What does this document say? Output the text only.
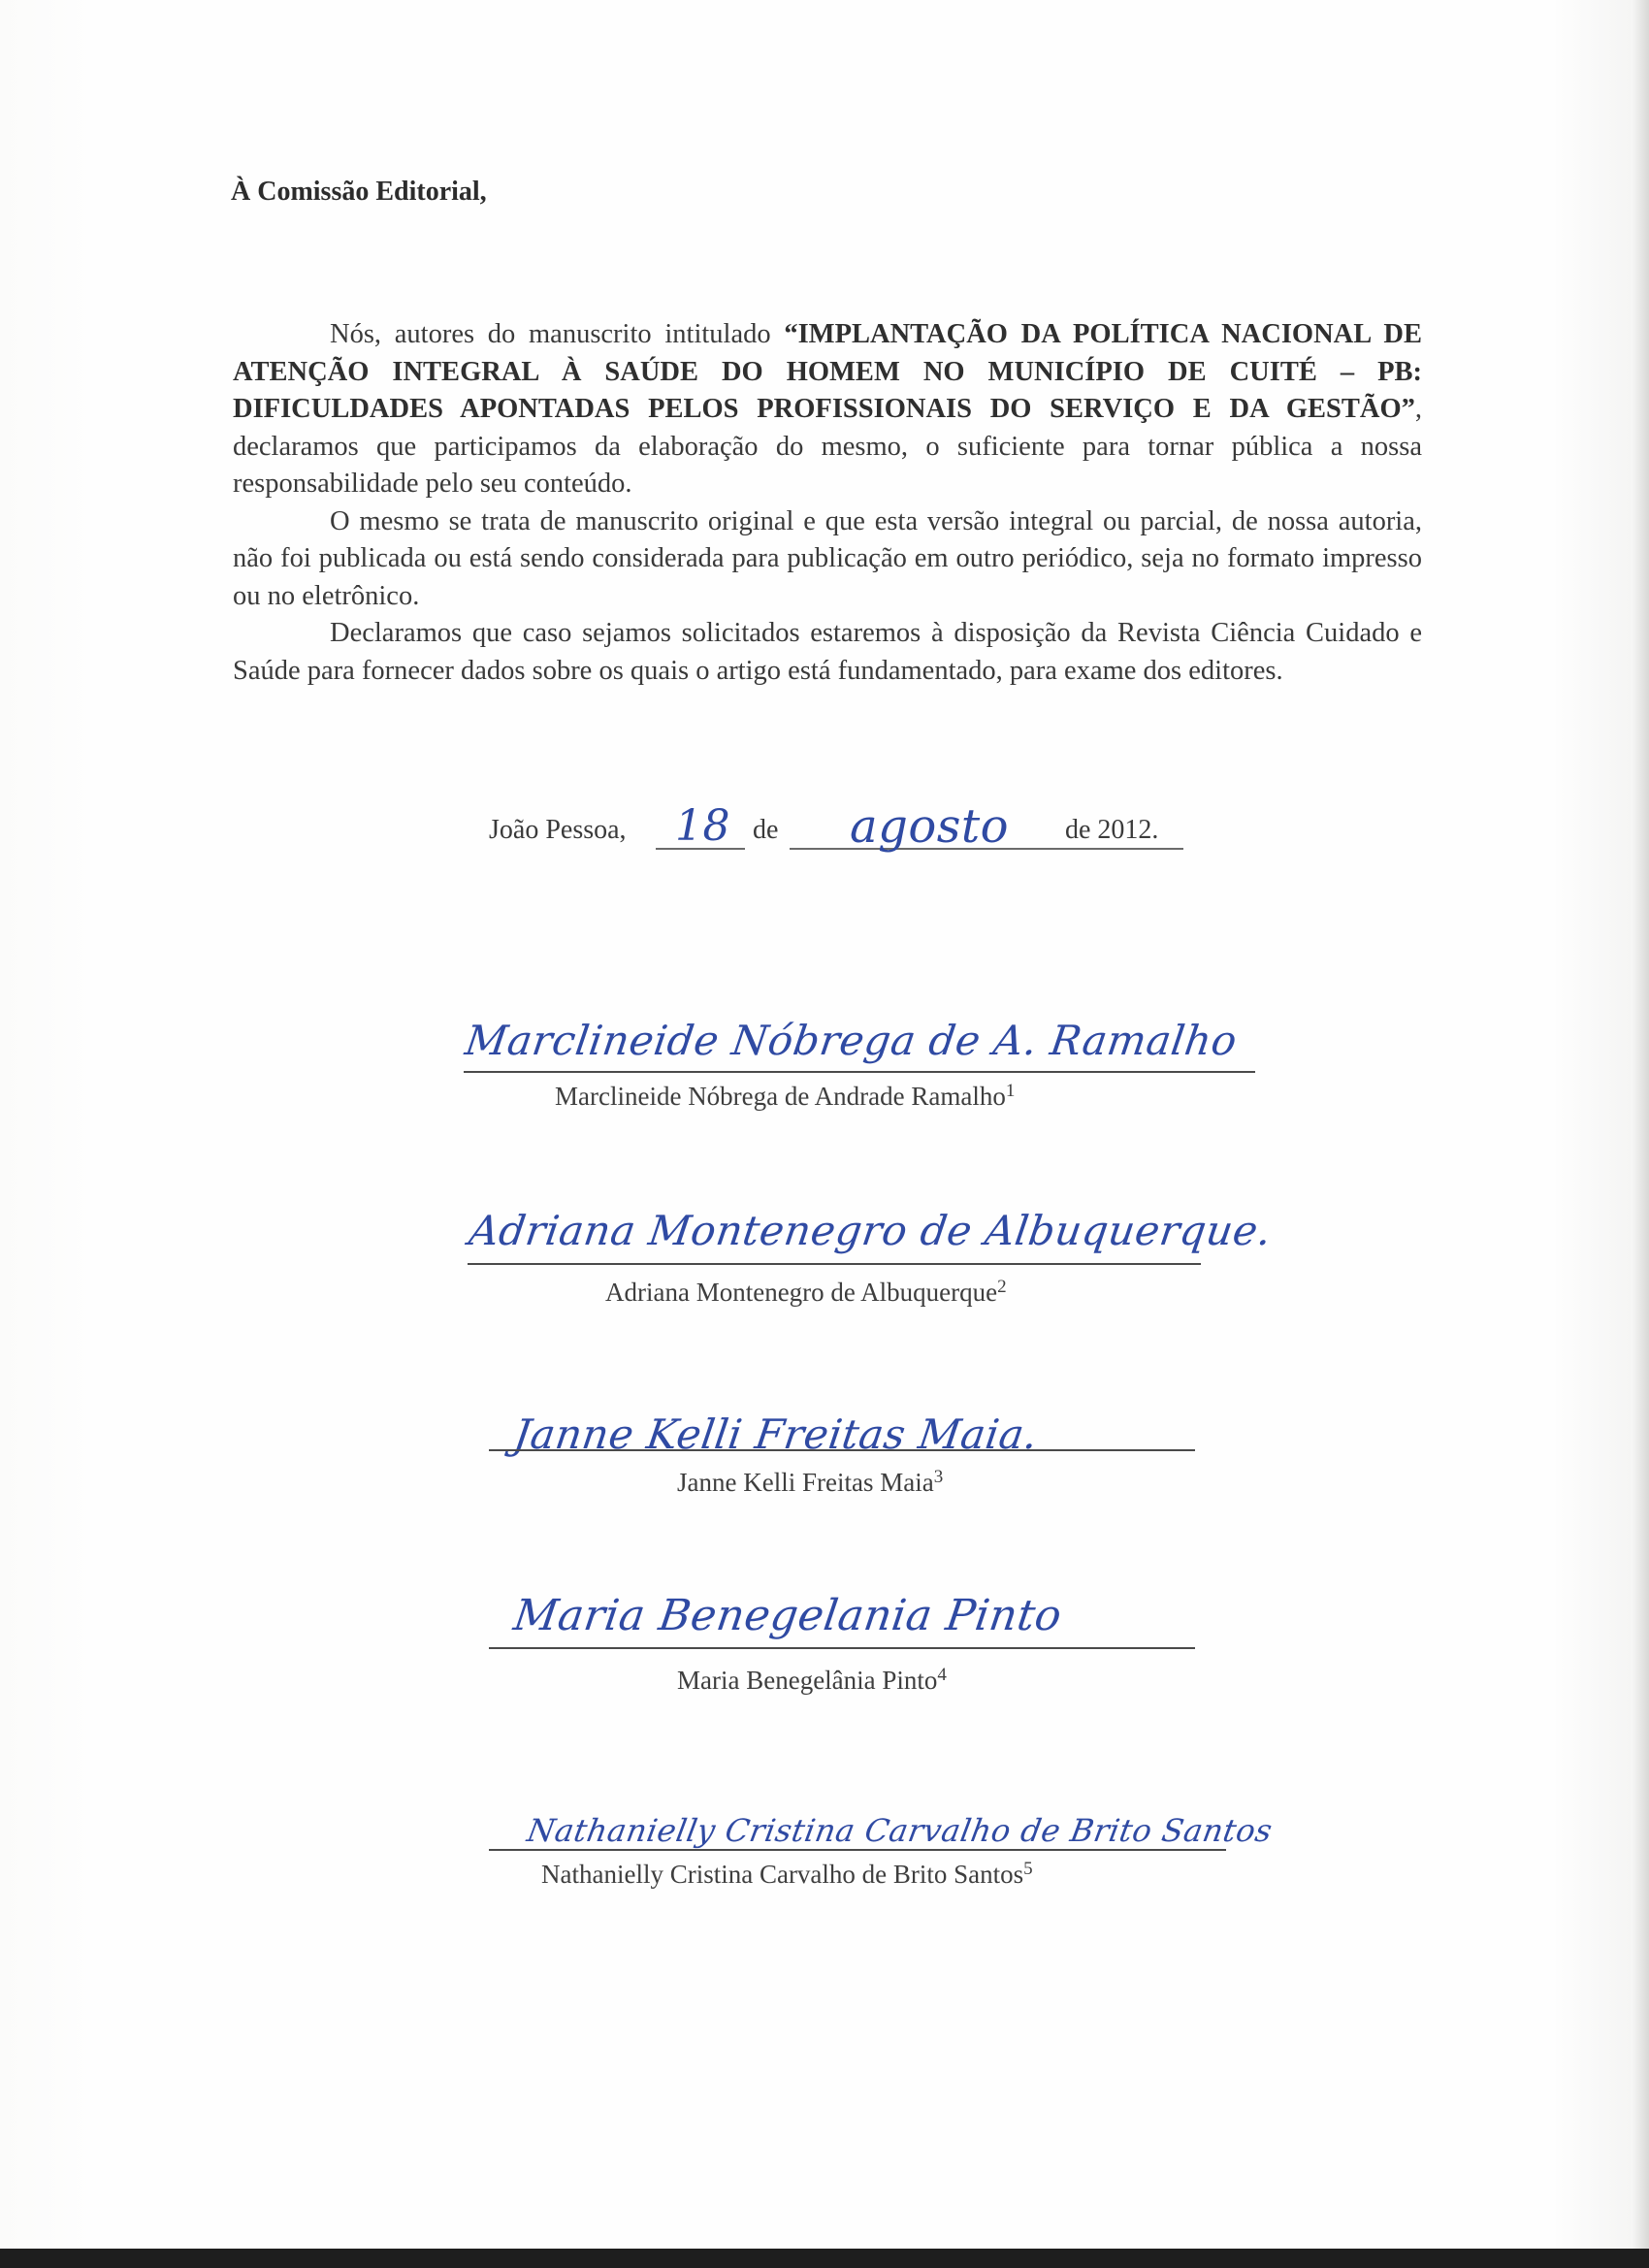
À Comissão Editorial,

Nós, autores do manuscrito intitulado “IMPLANTAÇÃO DA POLÍTICA NACIONAL DE ATENÇÃO INTEGRAL À SAÚDE DO HOMEM NO MUNICÍPIO DE CUITÉ – PB: DIFICULDADES APONTADAS PELOS PROFISSIONAIS DO SERVIÇO E DA GESTÃO”, declaramos que participamos da elaboração do mesmo, o suficiente para tornar pública a nossa responsabilidade pelo seu conteúdo.

O mesmo se trata de manuscrito original e que esta versão integral ou parcial, de nossa autoria, não foi publicada ou está sendo considerada para publicação em outro periódico, seja no formato impresso ou no eletrônico.

Declaramos que caso sejamos solicitados estaremos à disposição da Revista Ciência Cuidado e Saúde para fornecer dados sobre os quais o artigo está fundamentado, para exame dos editores.

João Pessoa, 18 de agosto de 2012.
Marclineide Nóbrega de A. Ramalho
Marclineide Nóbrega de Andrade Ramalho$^1$
Adriana Montenegro de Albuquerque.
Adriana Montenegro de Albuquerque$^2$
Janne Kelli Freitas Maia.
Janne Kelli Freitas Maia$^3$
Maria Benegelania Pinto
Maria Benegelânia Pinto$^4$
Nathanielly Cristina Carvalho de Brito Santos
Nathanielly Cristina Carvalho de Brito Santos$^5$
